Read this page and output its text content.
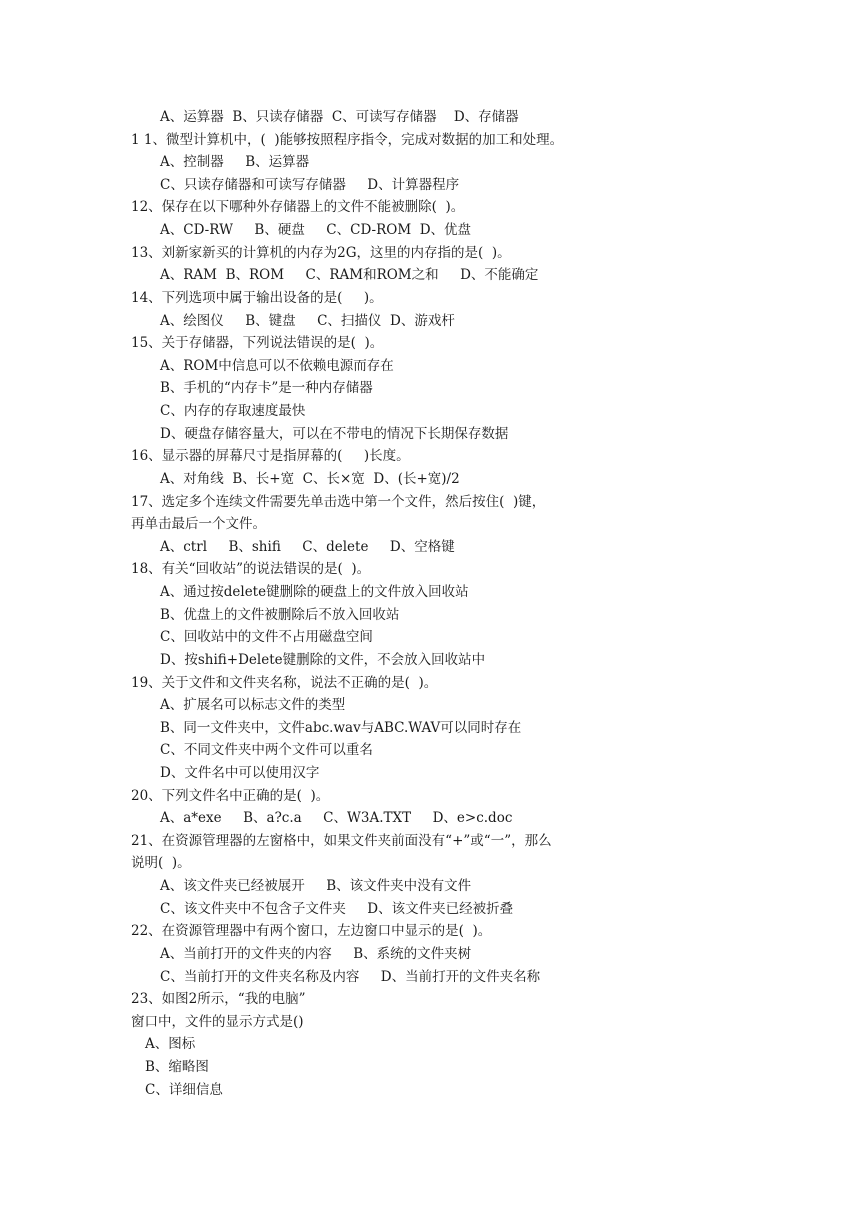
A、运算器  B、只读存储器  C、可读写存储器    D、存储器
1 1、微型计算机中，(  )能够按照程序指令，完成对数据的加工和处理。
A、控制器     B、运算器
C、只读存储器和可读写存储器     D、计算器程序
12、保存在以下哪种外存储器上的文件不能被删除(  )。
A、CD-RW     B、硬盘     C、CD-ROM  D、优盘
13、刘新家新买的计算机的内存为2G，这里的内存指的是(  )。
A、RAM  B、ROM     C、RAM和ROM之和     D、不能确定
14、下列选项中属于输出设备的是(     )。
A、绘图仪     B、键盘     C、扫描仪  D、游戏杆
15、关于存储器，下列说法错误的是(  )。
A、ROM中信息可以不依赖电源而存在
B、手机的“内存卡”是一种内存储器
C、内存的存取速度最快
D、硬盘存储容量大，可以在不带电的情况下长期保存数据
16、显示器的屏幕尺寸是指屏幕的(     )长度。
A、对角线  B、长+宽  C、长×宽  D、(长+宽)/2
17、选定多个连续文件需要先单击选中第一个文件，然后按住(  )键，
再单击最后一个文件。
A、ctrl     B、shifi     C、delete     D、空格键
18、有关“回收站”的说法错误的是(  )。
A、通过按delete键删除的硬盘上的文件放入回收站
B、优盘上的文件被删除后不放入回收站
C、回收站中的文件不占用磁盘空间
D、按shifi+Delete键删除的文件，不会放入回收站中
19、关于文件和文件夹名称，说法不正确的是(  )。
A、扩展名可以标志文件的类型
B、同一文件夹中，文件abc.wav与ABC.WAV可以同时存在
C、不同文件夹中两个文件可以重名
D、文件名中可以使用汉字
20、下列文件名中正确的是(  )。
A、a*exe     B、a?c.a     C、W3A.TXT     D、e>c.doc
21、在资源管理器的左窗格中，如果文件夹前面没有“+”或“一”，那么
说明(  )。
A、该文件夹已经被展开     B、该文件夹中没有文件
C、该文件夹中不包含子文件夹     D、该文件夹已经被折叠
22、在资源管理器中有两个窗口，左边窗口中显示的是(  )。
A、当前打开的文件夹的内容     B、系统的文件夹树
C、当前打开的文件夹名称及内容     D、当前打开的文件夹名称
23、如图2所示，“我的电脑”
窗口中，文件的显示方式是()
A、图标
B、缩略图
C、详细信息
